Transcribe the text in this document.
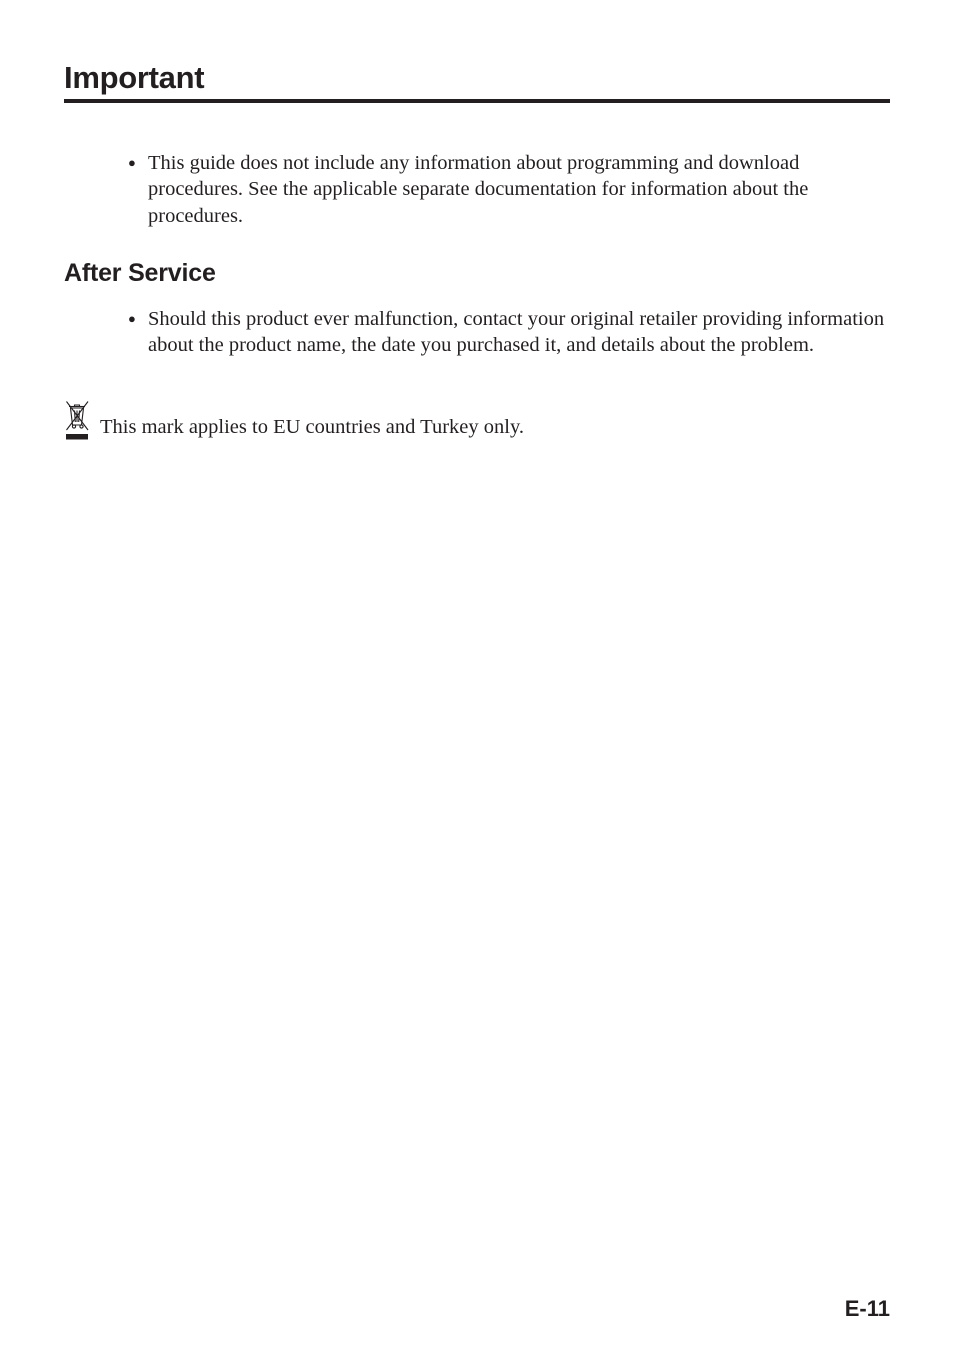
Important
● This guide does not include any information about programming and download procedures. See the applicable separate documentation for information about the procedures.
After Service
● Should this product ever malfunction, contact your original retailer providing information about the product name, the date you purchased it, and details about the problem.

This mark applies to EU countries and Turkey only.

E-11
